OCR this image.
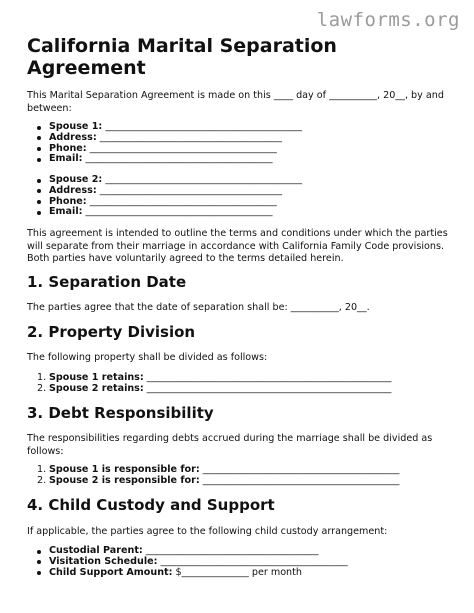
lawforms.org
California Marital Separation Agreement

This Marital Separation Agreement is made on this ____ day of __________, 20__, by and between:

Spouse 1: _________________________________________
Address: ______________________________________
Phone: _______________________________________
Email: _______________________________________
Spouse 2: _________________________________________
Address: ______________________________________
Phone: _______________________________________
Email: _______________________________________

This agreement is intended to outline the terms and conditions under which the parties will separate from their marriage in accordance with California Family Code provisions. Both parties have voluntarily agreed to the terms detailed herein.

1. Separation Date

The parties agree that the date of separation shall be: __________, 20__.

2. Property Division

The following property shall be divided as follows:

1. Spouse 1 retains: ___________________________________________________
2. Spouse 2 retains: ___________________________________________________
3. Debt Responsibility

The responsibilities regarding debts accrued during the marriage shall be divided as follows:

1. Spouse 1 is responsible for: _________________________________________
2. Spouse 2 is responsible for: _________________________________________
4. Child Custody and Support

If applicable, the parties agree to the following child custody arrangement:

Custodial Parent: ____________________________________
Visitation Schedule: _______________________________________
Child Support Amount: $______________ per month
